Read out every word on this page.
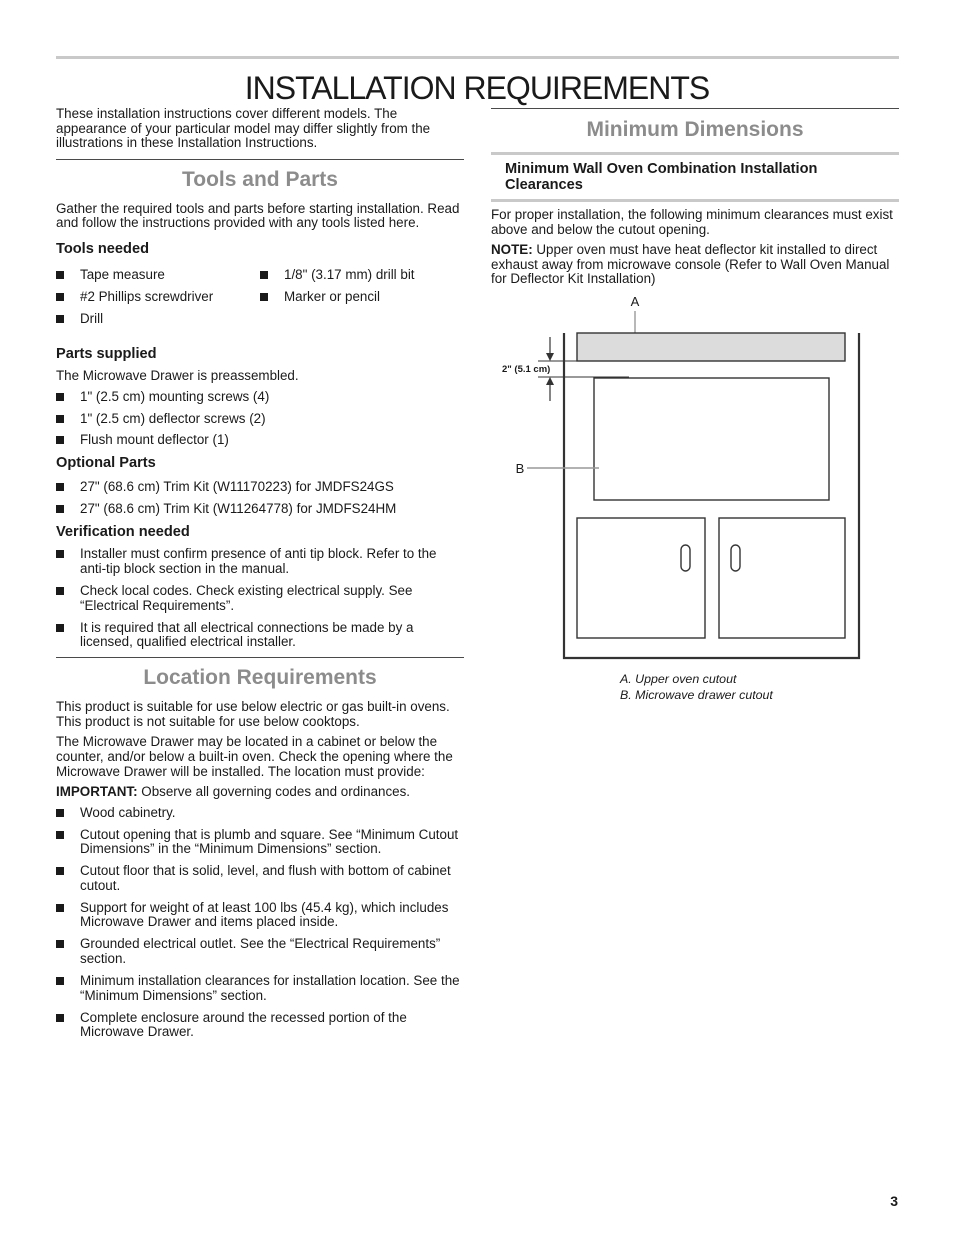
INSTALLATION REQUIREMENTS

These installation instructions cover different models. The appearance of your particular model may differ slightly from the illustrations in these Installation Instructions.

Tools and Parts

Gather the required tools and parts before starting installation. Read and follow the instructions provided with any tools listed here.

Tools needed
Tape measure
#2 Phillips screwdriver
Drill
1/8" (3.17 mm) drill bit
Marker or pencil
Parts supplied

The Microwave Drawer is preassembled.

1" (2.5 cm) mounting screws (4)
1" (2.5 cm) deflector screws (2)
Flush mount deflector (1)
Optional Parts
27" (68.6 cm) Trim Kit (W11170223) for JMDFS24GS
27" (68.6 cm) Trim Kit (W11264778) for JMDFS24HM
Verification needed
Installer must confirm presence of anti tip block. Refer to the anti-tip block section in the manual.
Check local codes. Check existing electrical supply. See “Electrical Requirements”.
It is required that all electrical connections be made by a licensed, qualified electrical installer.
Location Requirements

This product is suitable for use below electric or gas built-in ovens. This product is not suitable for use below cooktops.

The Microwave Drawer may be located in a cabinet or below the counter, and/or below a built-in oven. Check the opening where the Microwave Drawer will be installed. The location must provide:

IMPORTANT: Observe all governing codes and ordinances.

Wood cabinetry.
Cutout opening that is plumb and square. See “Minimum Cutout Dimensions” in the “Minimum Dimensions” section.
Cutout floor that is solid, level, and flush with bottom of cabinet cutout.
Support for weight of at least 100 lbs (45.4 kg), which includes Microwave Drawer and items placed inside.
Grounded electrical outlet. See the “Electrical Requirements” section.
Minimum installation clearances for installation location. See the “Minimum Dimensions” section.
Complete enclosure around the recessed portion of the Microwave Drawer.
Minimum Dimensions
Minimum Wall Oven Combination Installation Clearances

For proper installation, the following minimum clearances must exist above and below the cutout opening.

NOTE: Upper oven must have heat deflector kit installed to direct exhaust away from microwave console (Refer to Wall Oven Manual for Deflector Kit Installation)

A
2" (5.1 cm)
B
A. Upper oven cutout
B. Microwave drawer cutout
3
